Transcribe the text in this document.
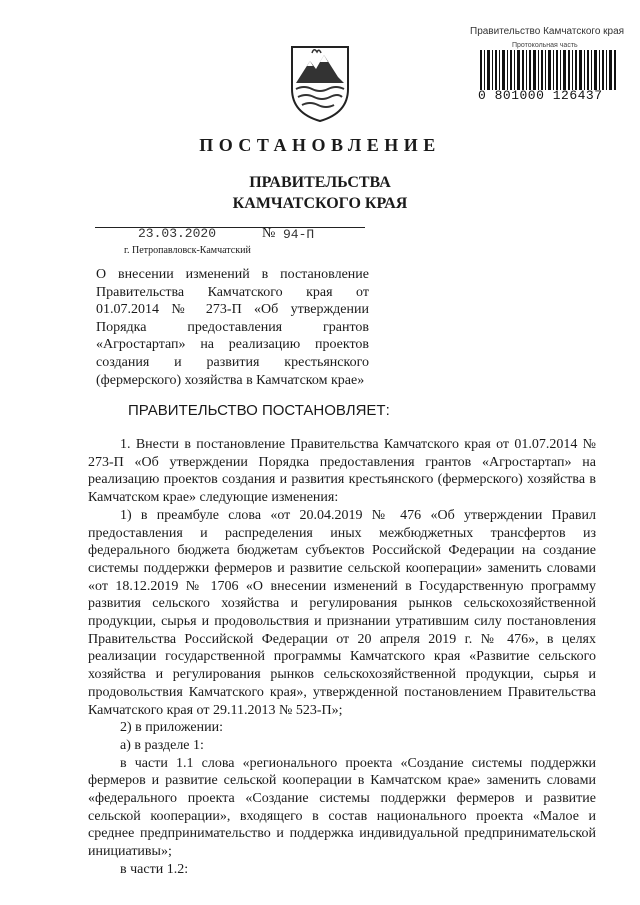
Правительство Камчатского края
Протокольная часть
0 801000 126437
ПОСТАНОВЛЕНИЕ
ПРАВИТЕЛЬСТВА
КАМЧАТСКОГО КРАЯ
23.03.2020	№ 94-П
г. Петропавловск-Камчатский
О внесении изменений в постановление Правительства Камчатского края от 01.07.2014 № 273-П «Об утверждении Порядка предоставления грантов «Агростартап» на реализацию проектов создания и развития крестьянского (фермерского) хозяйства в Камчатском крае»
ПРАВИТЕЛЬСТВО ПОСТАНОВЛЯЕТ:

1. Внести в постановление Правительства Камчатского края от 01.07.2014 № 273-П «Об утверждении Порядка предоставления грантов «Агростартап» на реализацию проектов создания и развития крестьянского (фермерского) хозяйства в Камчатском крае» следующие изменения:

1) в преамбуле слова «от 20.04.2019 № 476 «Об утверждении Правил предоставления и распределения иных межбюджетных трансфертов из федерального бюджета бюджетам субъектов Российской Федерации на создание системы поддержки фермеров и развитие сельской кооперации» заменить словами «от 18.12.2019 № 1706 «О внесении изменений в Государственную программу развития сельского хозяйства и регулирования рынков сельскохозяйственной продукции, сырья и продовольствия и признании утратившим силу постановления Правительства Российской Федерации от 20 апреля 2019 г. № 476», в целях реализации государственной программы Камчатского края «Развитие сельского хозяйства и регулирования рынков сельскохозяйственной продукции, сырья и продовольствия Камчатского края», утвержденной постановлением Правительства Камчатского края от 29.11.2013 № 523-П»;

2) в приложении:

а) в разделе 1:

в части 1.1 слова «регионального проекта «Создание системы поддержки фермеров и развитие сельской кооперации в Камчатском крае» заменить словами «федерального проекта «Создание системы поддержки фермеров и развитие сельской кооперации», входящего в состав национального проекта «Малое и среднее предпринимательство и поддержка индивидуальной предпринимательской инициативы»;

в части 1.2:
